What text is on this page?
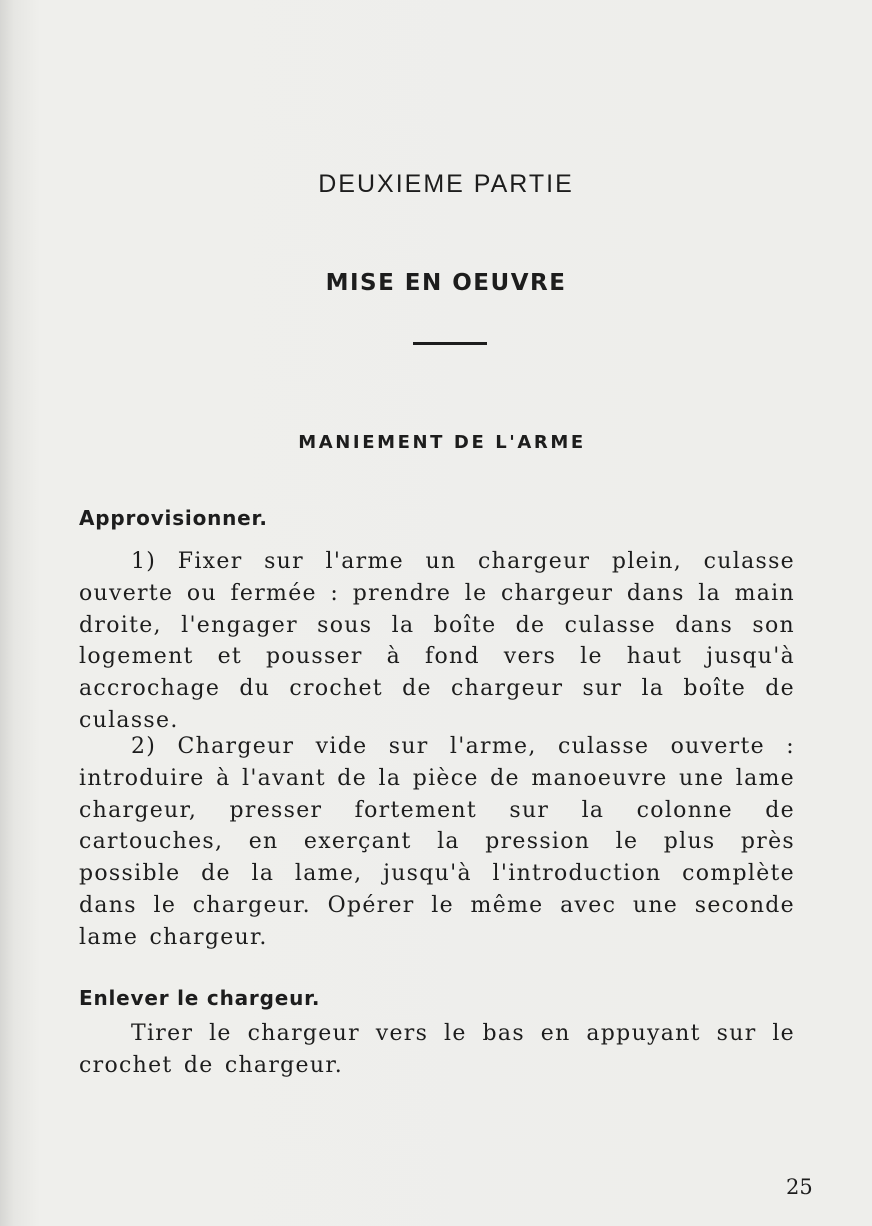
DEUXIEME PARTIE
MISE EN OEUVRE
MANIEMENT DE L'ARME
Approvisionner.

1) Fixer sur l'arme un chargeur plein, culasse ouverte ou fermée : prendre le chargeur dans la main droite, l'engager sous la boîte de culasse dans son logement et pousser à fond vers le haut jusqu'à accrochage du crochet de chargeur sur la boîte de culasse.

2) Chargeur vide sur l'arme, culasse ouverte : introduire à l'avant de la pièce de manoeuvre une lame chargeur, presser fortement sur la colonne de cartouches, en exerçant la pression le plus près possible de la lame, jusqu'à l'introduction complète dans le chargeur. Opérer le même avec une seconde lame chargeur.

Enlever le chargeur.

Tirer le chargeur vers le bas en appuyant sur le crochet de chargeur.

25
